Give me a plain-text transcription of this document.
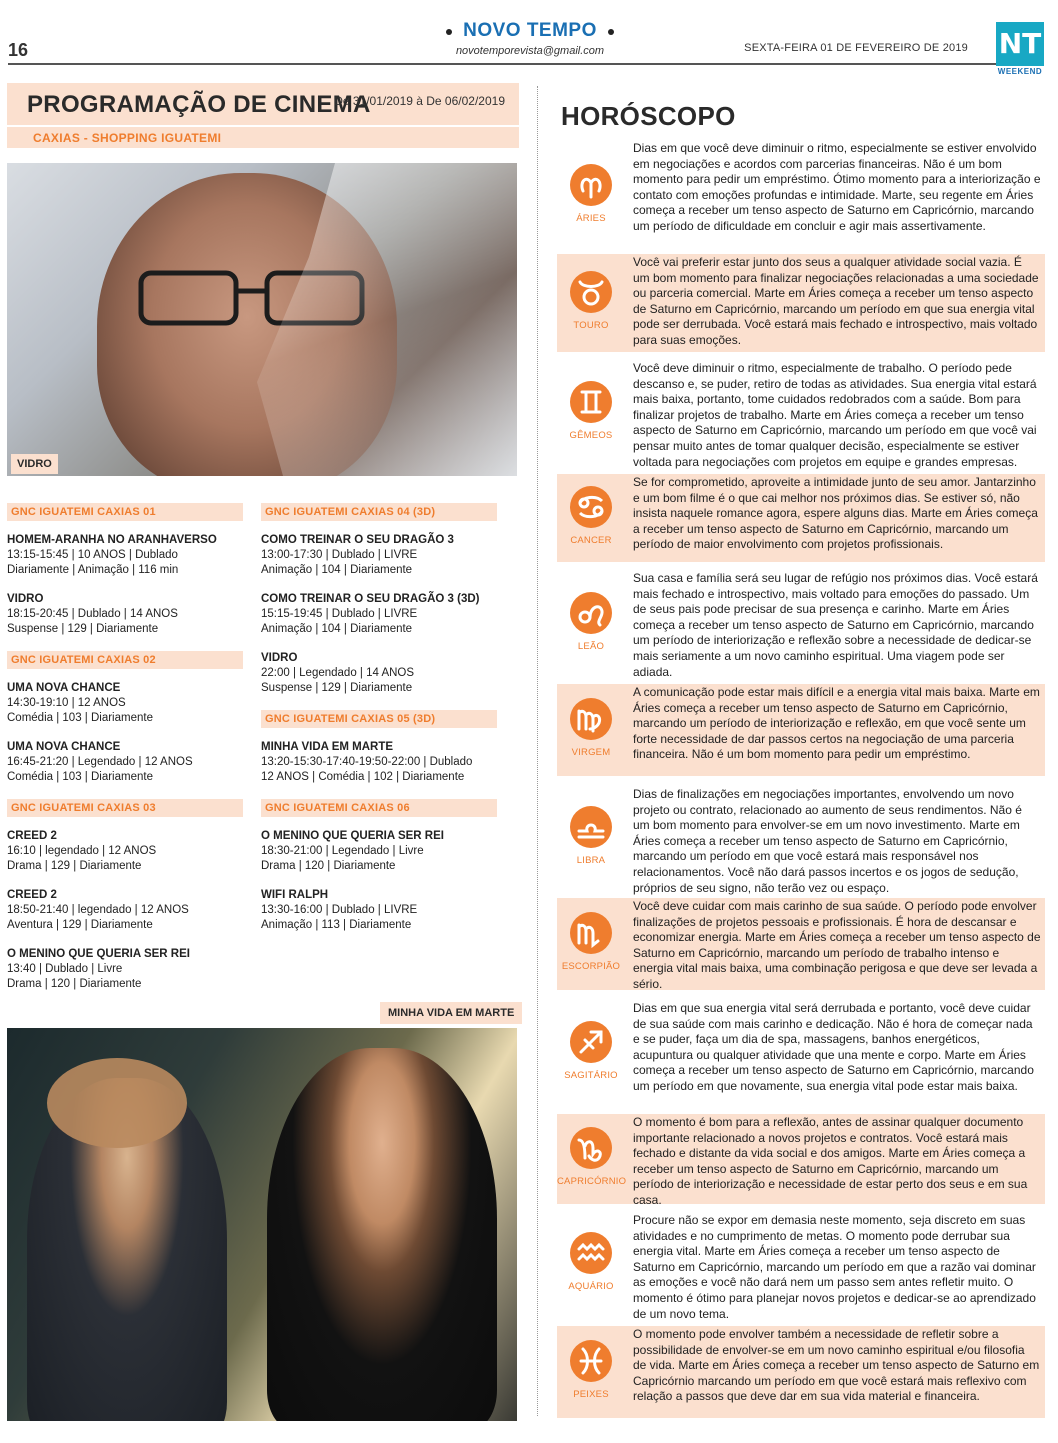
16
NOVO TEMPO
novotemporevista@gmail.com	SEXTA-FEIRA 01 DE FEVEREIRO DE 2019 NT
WEEKEND
PROGRAMAÇÃO DE CINEMA
De 31/01/2019 à De 06/02/2019
CAXIAS - SHOPPING IGUATEMI
VIDRO
GNC IGUATEMI CAXIAS 01
HOMEM-ARANHA NO ARANHAVERSO
13:15-15:45 | 10 ANOS | Dublado
Diariamente | Animação | 116 min
VIDRO
18:15-20:45 | Dublado | 14 ANOS
Suspense | 129 | Diariamente
GNC IGUATEMI CAXIAS 02
UMA NOVA CHANCE
14:30-19:10 | 12 ANOS
Comédia | 103 | Diariamente
UMA NOVA CHANCE
16:45-21:20 | Legendado | 12 ANOS
Comédia | 103 | Diariamente
GNC IGUATEMI CAXIAS 03
CREED 2
16:10 | legendado | 12 ANOS
Drama | 129 | Diariamente
CREED 2
18:50-21:40 | legendado | 12 ANOS
Aventura | 129 | Diariamente
O MENINO QUE QUERIA SER REI
13:40 | Dublado | Livre
Drama | 120 | Diariamente
GNC IGUATEMI CAXIAS 04 (3D)
COMO TREINAR O SEU DRAGÃO 3
13:00-17:30 | Dublado | LIVRE
Animação | 104 | Diariamente
COMO TREINAR O SEU DRAGÃO 3 (3D)
15:15-19:45 | Dublado | LIVRE
Animação | 104 | Diariamente
VIDRO
22:00 | Legendado | 14 ANOS
Suspense | 129 | Diariamente
GNC IGUATEMI CAXIAS 05 (3D)
MINHA VIDA EM MARTE
13:20-15:30-17:40-19:50-22:00 | Dublado
12 ANOS | Comédia | 102 | Diariamente
GNC IGUATEMI CAXIAS 06
O MENINO QUE QUERIA SER REI
18:30-21:00 | Legendado | Livre
Drama | 120 | Diariamente
WIFI RALPH
13:30-16:00 | Dublado | LIVRE
Animação | 113 | Diariamente
MINHA VIDA EM MARTE
HORÓSCOPO
ÁRIES
Dias em que você deve diminuir o ritmo, especialmente se estiver envolvido em negociações e acordos com parcerias financeiras. Não é um bom momento para pedir um empréstimo. Ótimo momento para a interiorização e contato com emoções profundas e intimidade. Marte, seu regente em Áries começa a receber um tenso aspecto de Saturno em Capricórnio, marcando um período de dificuldade em concluir e agir mais assertivamente.
TOURO
Você vai preferir estar junto dos seus a qualquer atividade social vazia. É um bom momento para finalizar negociações relacionadas a uma sociedade ou parceria comercial. Marte em Áries começa a receber um tenso aspecto de Saturno em Capricórnio, marcando um período em que sua energia vital pode ser derrubada. Você estará mais fechado e introspectivo, mais voltado para suas emoções.
GÊMEOS
Você deve diminuir o ritmo, especialmente de trabalho. O período pede descanso e, se puder, retiro de todas as atividades. Sua energia vital estará mais baixa, portanto, tome cuidados redobrados com a saúde. Bom para finalizar projetos de trabalho. Marte em Áries começa a receber um tenso aspecto de Saturno em Capricórnio, marcando um período em que você vai pensar muito antes de tomar qualquer decisão, especialmente se estiver voltada para negociações com projetos em equipe e grandes empresas.
CANCER
Se for comprometido, aproveite a intimidade junto de seu amor. Jantarzinho e um bom filme é o que cai melhor nos próximos dias. Se estiver só, não insista naquele romance agora, espere alguns dias. Marte em Áries começa a receber um tenso aspecto de Saturno em Capricórnio, marcando um período de maior envolvimento com projetos profissionais.
LEÃO
Sua casa e família será seu lugar de refúgio nos próximos dias. Você estará mais fechado e introspectivo, mais voltado para emoções do passado. Um de seus pais pode precisar de sua presença e carinho. Marte em Áries começa a receber um tenso aspecto de Saturno em Capricórnio, marcando um período de interiorização e reflexão sobre a necessidade de dedicar-se mais seriamente a um novo caminho espiritual. Uma viagem pode ser adiada.
VIRGEM
A comunicação pode estar mais difícil e a energia vital mais baixa. Marte em Áries começa a receber um tenso aspecto de Saturno em Capricórnio, marcando um período de interiorização e reflexão, em que você sente um forte necessidade de dar passos certos na negociação de uma parceria financeira. Não é um bom momento para pedir um empréstimo.
LIBRA
Dias de finalizações em negociações importantes, envolvendo um novo projeto ou contrato, relacionado ao aumento de seus rendimentos. Não é um bom momento para envolver-se em um novo investimento. Marte em Áries começa a receber um tenso aspecto de Saturno em Capricórnio, marcando um período em que você estará mais responsável nos relacionamentos. Você não dará passos incertos e os jogos de sedução, próprios de seu signo, não terão vez ou espaço.
ESCORPIÃO
Você deve cuidar com mais carinho de sua saúde. O período pode envolver finalizações de projetos pessoais e profissionais. É hora de descansar e economizar energia. Marte em Áries começa a receber um tenso aspecto de Saturno em Capricórnio, marcando um período de trabalho intenso e energia vital mais baixa, uma combinação perigosa e que deve ser levada a sério.
SAGITÁRIO
Dias em que sua energia vital será derrubada e portanto, você deve cuidar de sua saúde com mais carinho e dedicação. Não é hora de começar nada e se puder, faça um dia de spa, massagens, banhos energéticos, acupuntura ou qualquer atividade que una mente e corpo. Marte em Áries começa a receber um tenso aspecto de Saturno em Capricórnio, marcando um período em que novamente, sua energia vital pode estar mais baixa.
CAPRICÓRNIO
O momento é bom para a reflexão, antes de assinar qualquer documento importante relacionado a novos projetos e contratos. Você estará mais fechado e distante da vida social e dos amigos. Marte em Áries começa a receber um tenso aspecto de Saturno em Capricórnio, marcando um período de interiorização e necessidade de estar perto dos seus e em sua casa.
AQUÁRIO
Procure não se expor em demasia neste momento, seja discreto em suas atividades e no cumprimento de metas. O momento pode derrubar sua energia vital. Marte em Áries começa a receber um tenso aspecto de Saturno em Capricórnio, marcando um período em que a razão vai dominar as emoções e você não dará nem um passo sem antes refletir muito. O momento é ótimo para planejar novos projetos e dedicar-se ao aprendizado de um novo tema.
PEIXES
O momento pode envolver também a necessidade de refletir sobre a possibilidade de envolver-se em um novo caminho espiritual e/ou filosofia de vida. Marte em Áries começa a receber um tenso aspecto de Saturno em Capricórnio marcando um período em que você estará mais reflexivo com relação a passos que deve dar em sua vida material e financeira.
